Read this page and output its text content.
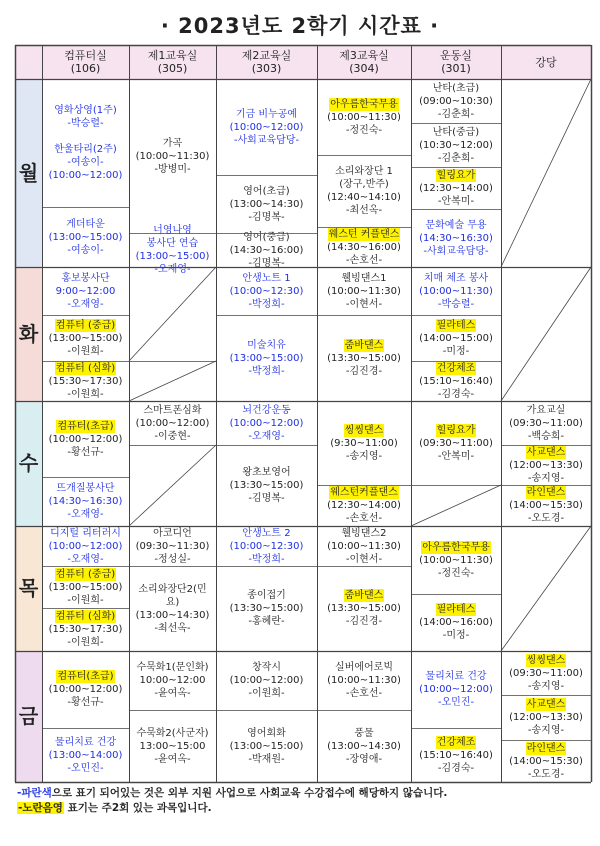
· 2023년도 2학기 시간표 ·
컴퓨터실
(106)
제1교육실
(305)
제2교육실
(303)
제3교육실
(304)
운동실
(301)	강당
월
화
수
목
금
영화상영(1주)
-박승렬-

한울타리(2주)
-여송이-
(10:00~12:00)
게더타운
(13:00~15:00)
-여송이-
가곡
(10:00~11:30)
-방병미-
너영나영
봉사단 연습
(13:00~15:00)
-오재영-
기금 비누공예
(10:00~12:00)
-사회교육담당-
영어(초급)
(13:00~14:30)
-김명복-
영어(중급)
(14:30~16:00)
-김명복-
아우름한국무용
(10:00~11:30)
-정진숙-
소리와장단 1
(장구,반주)
(12:40~14:10)
-최선옥-
웨스턴 커플댄스
(14:30~16:00)
-손호선-
난타(초급)
(09:00~10:30)
-김춘희-
난타(중급)
(10:30~12:00)
-김춘희-
힐링요가
(12:30~14:00)
-안복미-
문화예술 무용
(14:30~16:30)
-사회교육담당-
홍보봉사단
9:00~12:00
-오재영-
컴퓨터 (중급)
(13:00~15:00)
-이원희-
컴퓨터 (심화)
(15:30~17:30)
-이원희-
안생노트 1
(10:00~12:30)
-박정희-
미술치유
(13:00~15:00)
-박정희-
웰빙댄스1
(10:00~11:30)
-이현서-
줌바댄스
(13:30~15:00)
-김진경-
치매 체조 봉사
(10:00~11:30)
-박승렬-
필라테스
(14:00~15:00)
-미정-
건강체조
(15:10~16:40)
-김경숙-
컴퓨터(초급)
(10:00~12:00)
-황선규-
뜨개질봉사단
(14:30~16:30)
-오재영-
스마트폰심화
(10:00~12:00)
-이중현-
뇌건강운동
(10:00~12:00)
-오재영-
왕초보영어
(13:30~15:00)
-김명복-
씽씽댄스
(9:30~11:00)
-송지영-
웨스턴커플댄스
(12:30~14:00)
-손호선-
힐링요가
(09:30~11:00)
-안복미-
가요교실
(09:30~11:00)
-백승희-
사교댄스
(12:00~13:30)
-송지영-
라인댄스
(14:00~15:30)
-오도경-
디지털 리터러시
(10:00~12:00)
-오재영-
컴퓨터 (중급)
(13:00~15:00)
-이원희-
컴퓨터 (심화)
(15:30~17:30)
-이원희-
아코디언
(09:30~11:30)
-정성실-
소리와장단2(민
요)
(13:00~14:30)
-최선옥-
안생노트 2
(10:00~12:30)
-박정희-
종이접기
(13:30~15:00)
-홍혜란-
웰빙댄스2
(10:00~11:30)
-이현서-
줌바댄스
(13:30~15:00)
-김진경-
아우름한국무용
(10:00~11:30)
-정진숙-
필라테스
(14:00~16:00)
-미정-
컴퓨터(초급)
(10:00~12:00)
-황선규-
물리치료 건강
(13:00~14:00)
-오민진-
수묵화1(문인화)
10:00~12:00
-윤여옥-
수묵화2(사군자)
13:00~15:00
-윤여옥-
창작시
(10:00~12:00)
-이원희-
영어회화
(13:00~15:00)
-박재원-
실버에어로빅
(10:00~11:30)
-손호선-
풍물
(13:00~14:30)
-장영애-
물리치료 건강
(10:00~12:00)
-오민진-
건강체조
(15:10~16:40)
-김경숙-
씽씽댄스
(09:30~11:00)
-송지영-
사교댄스
(12:00~13:30)
-송지영-
라인댄스
(14:00~15:30)
-오도경-
-파란색으로 표기 되어있는 것은 외부 지원 사업으로 사회교육 수강접수에 해당하지 않습니다.
-노란음영 표기는 주2회 있는 과목입니다.
